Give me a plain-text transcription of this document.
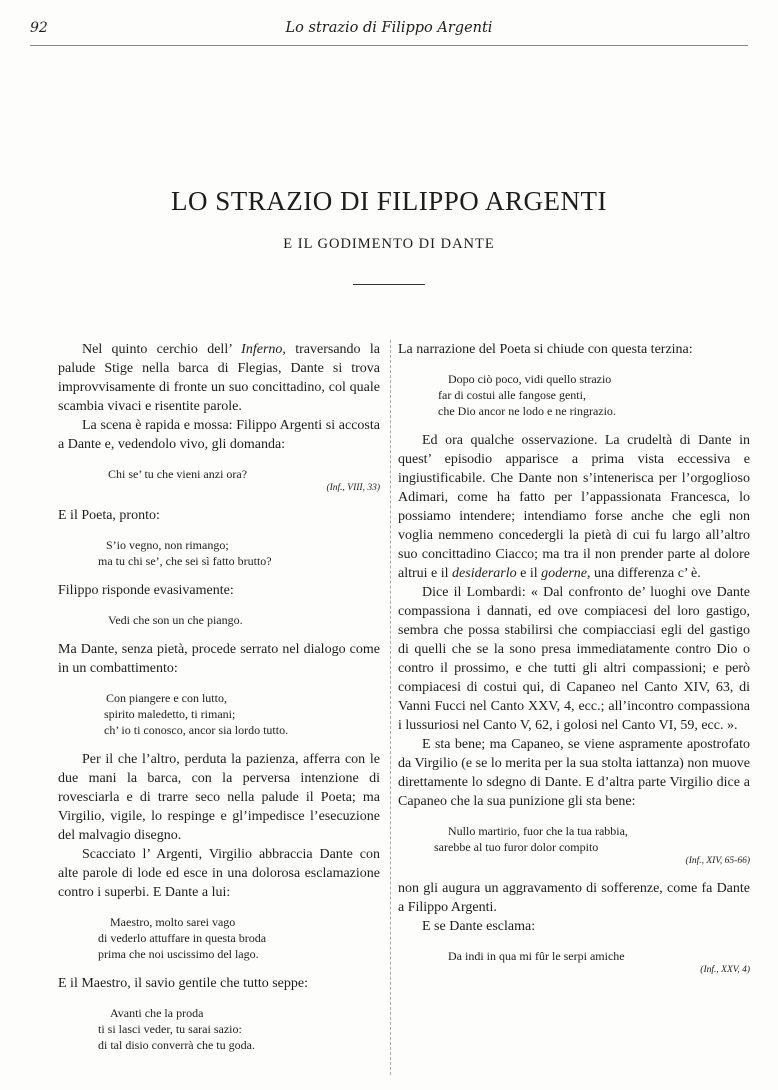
92	Lo strazio di Filippo Argenti
LO STRAZIO DI FILIPPO ARGENTI
E IL GODIMENTO DI DANTE

Nel quinto cerchio dell’ Inferno, traversando la palude Stige nella barca di Flegias, Dante si trova improvvisamente di fronte un suo concittadino, col quale scambia vivaci e risentite parole.

La scena è rapida e mossa: Filippo Argenti si accosta a Dante e, vedendolo vivo, gli domanda:

Chi se’ tu che vieni anzi ora?
(Inf., VIII, 33)

E il Poeta, pronto:

S’io vegno, non rimango;
ma tu chi se’, che sei sì fatto brutto?

Filippo risponde evasivamente:

Vedi che son un che piango.

Ma Dante, senza pietà, procede serrato nel dialogo come in un combattimento:

Con piangere e con lutto,
spirito maledetto, ti rimani;
ch’ io ti conosco, ancor sia lordo tutto.

Per il che l’altro, perduta la pazienza, afferra con le due mani la barca, con la perversa intenzione di rovesciarla e di trarre seco nella palude il Poeta; ma Virgilio, vigile, lo respinge e gl’impedisce l’esecuzione del malvagio disegno.

Scacciato l’ Argenti, Virgilio abbraccia Dante con alte parole di lode ed esce in una dolorosa esclamazione contro i superbi. E Dante a lui:

Maestro, molto sarei vago
di vederlo attuffare in questa broda
prima che noi uscissimo del lago.

E il Maestro, il savio gentile che tutto seppe:

Avanti che la proda
ti si lasci veder, tu sarai sazio:
di tal disio converrà che tu goda.

La narrazione del Poeta si chiude con questa terzina:

Dopo ciò poco, vidi quello strazio
far di costui alle fangose genti,
che Dio ancor ne lodo e ne ringrazio.

Ed ora qualche osservazione. La crudeltà di Dante in quest’ episodio apparisce a prima vista eccessiva e ingiustificabile. Che Dante non s’intenerisca per l’orgoglioso Adimari, come ha fatto per l’appassionata Francesca, lo possiamo intendere; intendiamo forse anche che egli non voglia nemmeno concedergli la pietà di cui fu largo all’altro suo concittadino Ciacco; ma tra il non prender parte al dolore altrui e il desiderarlo e il goderne, una differenza c’ è.

Dice il Lombardi: « Dal confronto de’ luoghi ove Dante compassiona i dannati, ed ove compiacesi del loro gastigo, sembra che possa stabilirsi che compiacciasi egli del gastigo di quelli che se la sono presa immediatamente contro Dio o contro il prossimo, e che tutti gli altri compassioni; e però compiacesi di costui qui, di Capaneo nel Canto XIV, 63, di Vanni Fucci nel Canto XXV, 4, ecc.; all’incontro compassiona i lussuriosi nel Canto V, 62, i golosi nel Canto VI, 59, ecc. ».

E sta bene; ma Capaneo, se viene aspramente apostrofato da Virgilio (e se lo merita per la sua stolta iattanza) non muove direttamente lo sdegno di Dante. E d’altra parte Virgilio dice a Capaneo che la sua punizione gli sta bene:

Nullo martirio, fuor che la tua rabbia,
sarebbe al tuo furor dolor compito
(Inf., XIV, 65-66)

non gli augura un aggravamento di sofferenze, come fa Dante a Filippo Argenti.

E se Dante esclama:

Da indi in qua mi fûr le serpi amiche
(Inf., XXV, 4)
